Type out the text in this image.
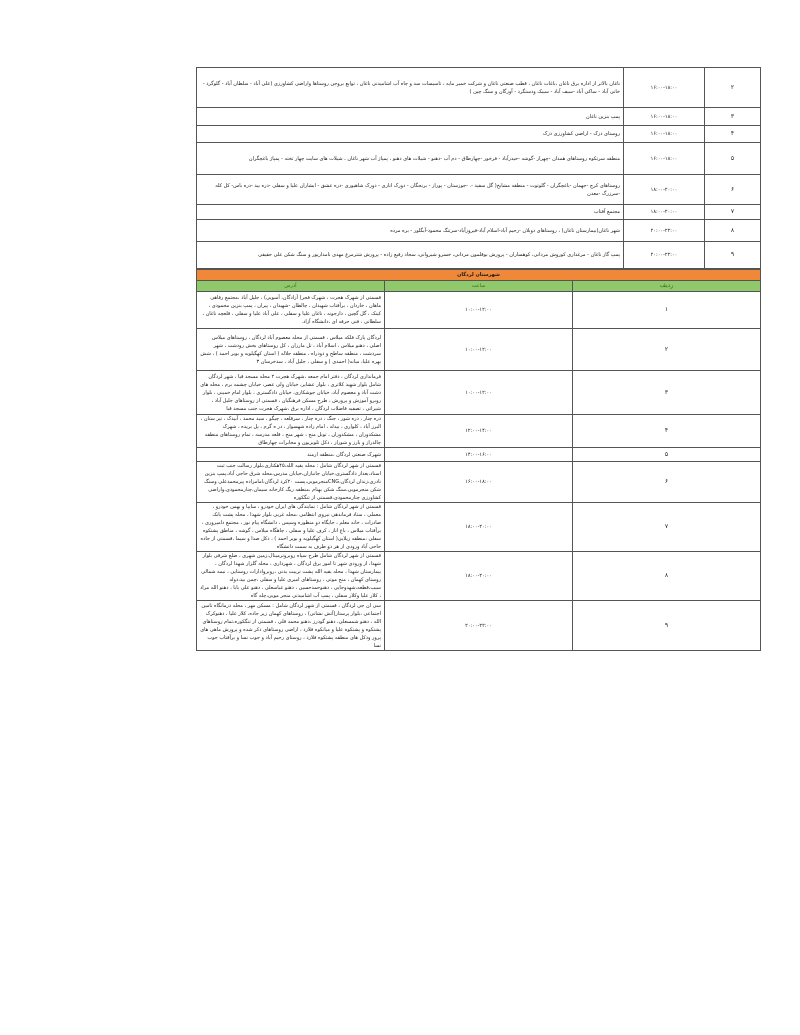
۲	۱۶:۰۰-۱۸:۰۰	ناغان بالاتر از اداره برق ناغان ،باغات ناغان ، قطب صنعتی ناغان و شرکت خمیر مایه ، تاسیسات سد و چاه آب اشامیدنی ناغان ، توابع بروجن روستاها واراضی کشاورزی (علی آباد - سلطان آباد - گلوگرد - خانی آباد - ساکی آباد -سیف آباد - سیبک ودستگرد - آورگان و سنگ چین )
۳	۱۶:۰۰-۱۸:۰۰	پمپ بنزین ناغان
۴	۱۶:۰۰-۱۸:۰۰	روستای دزک - اراضی کشاورزی دزک
۵	۱۶:۰۰-۱۸:۰۰	منطقه سرتکوه روستاهای همدان -چهراز -گوشه -حیدرآباد - فرخور -چهارطاق - دم آب -دهنو - شیلات های دهنو ، پمپاژ آب شهر ناغان ، شیلات های سایت چهار تخته - پمپاژ باغچگران
۶	۱۸:۰۰-۲۰:۰۰	روستاهای کرچ -جهمان -باغچگران - گلوتوت - منطقه مشایخ( گل سفید -. -جوزستان - پوراز - برنجگان - دورک اناری - دورک شاهیوری -دره عشق - ابشاران علیا و سفلی -دره بید -دره باس- کل کله -سرزرگ -معدن
۷	۱۸:۰۰-۲۰:۰۰	مجتمع آفتاب
۸	۲۰:۰۰-۲۲:۰۰	شهر ناغان(بیمارستان ناغان) ، روستاهای دوبلان -رحیم آباد-اسلام آباد-فیروزآباد-سرتنگ محمود-آبگلور - بره مرده
۹	۲۰:۰۰-۲۲:۰۰	پمپ گاز ناغان - مرغداری کوروش مردانی، کوهساران - پرورش بوقلمون مردانی، خسرو شیروانی، سجاد رفیع زاده - پرورش شترمرغ مهدی نامدارپور و سنگ شکن علی حقیقی
شهرستان لردگان		
ردیف	ساعت	آدرس
۱	۱۰:۰۰-۱۲:۰۰	قسمتی از شهرک هجرت ، شهرک فجر( آزادگان، آسویی) ، جلیل آباد ،مجتمع رفاهی ماهان ، خاردان ، برآفتاب شهیدان ، چالطان -شهیدان ، پیران ، پمپ بنزین محمودی ، کینک ، گل گچین ، دارجونه ، ناغان علیا و سفلی ، علی آباد علیا و سفلی ، قلعچه ناغان ، سلطانی ، فنی حرفه ای ،دانشگاه آزاد.
۲	۱۰:۰۰-۱۲:۰۰	لردگان پارک فلکه میلاس ، قسمتی از محله معصوم آباد لردگان ، روستاهای میلاس اصلی ، دهنو میلاس ، اسلام آباد ، تل مارزان ، کل روستاهای بخش رودشت ، شهر سردشت ، منطقه ساطح و دودراه ، منطقه جلاله ( استان کهگیلویه و بویر احمد ) ، شش بهره علیا، میانه( احمدی ) و سفلی ، جلیل آباد ، سدخرسان ۳
۳	۱۰:۰۰-۱۲:۰۰	فرمانداری لردگان ، دفتر امام جمعه ،شهرک هجرت ۲ محله مسجد قبا ، شهر لردگان شامل بلوار شهید کلاتری ، بلوار عشایر، خیابان ولی عصر، خیابان چشمه برم ، محله های دشت آباد و معصوم آباد، خیابان جوشکاری، خیابان دادگستری ، بلوار امام خمینی ، بلوار روبرو آموزش و پرورش ، طرح مسکن فرهنگیان ، قسمتی از روستاهای جلیل آباد ، شیراتی ، تصفیه فاضلاب لردگان ، اداره برق ،شهرک هجرت جنب مسجد قبا
۴	۱۲:۰۰-۱۴:۰۰	دره چنار ، دره شور ، جنگ ، دره چنار ، سرقلعه ، چیگو ، سید محمد ، آبیدک ، تیر ستان ، البرز آباد ، کلواری ، بیدله ، امام زاده شهسوار ، در ه گرم ، پل بریده ، شهرک مشکدوران ، مشکدوران ، تونل منج ، شهر منج ، قلعه مدرسه ، تمام روستاهای منطقه چالدراز و بارز و شوراز ، دکل تلویزیون و مخابرات چهارطاق
۵	۱۴:۰۰-۱۶:۰۰	شهرک صنعتی لردگان ،منطقه ارمند
۶	۱۶:۰۰-۱۸:۰۰	قسمتی از شهر لردگان شامل : محله بقیه الله،۴۵هکتاری،بلوار رسالت جنب ثبت اسناد،بعداز دادگستری،خیابان جانبازان،خیابان مدرس،محله شرق حاجی آباد،پمپ بنزین نادری،زندان لردگان،CNGمنجرمویی،پست ۲۰کرد لردگان،امامزاده پیرمحمدعلی وسنگ شکن منجرمویی،سنگ شکن بهنام ،منطقه ریگ کارخانه سیمان،چنارمحمودی،واراضی کشاورزی چنارمحمودی،قسمتی از تنگکوره
۷	۱۸:۰۰-۲۰:۰۰	قسمتی از شهر لردگان شامل : نمایندگی های ایران خودرو ، سایپا و بهمن خودرو ، معملی ، ستاد فرماندهی نیروی انتظامی ،محله غربی بلوار شهدا ، محله پشت بانک صادرات ، خانه معلم ، جایگاه دو منظوره وسپس ، دانشگاه پیام نور ، مجتمع دامپروری ، برآفتاب میلاس ، باغ اناز ، کرف علیا و سفلی ، چاهگاه میلاس ، گوشه ، مناطق پشتکوه سفلی ،منطقه زیلایی( استان کهگیلویه و بویر احمد ) ، دکل صدا و سیما ،قسمتی از جاده حاجی آباد ورودی از هر دو طرف به سمت دانشگاه
۸	۱۸:۰۰-۲۰:۰۰	قسمتی از شهر لردگان شامل طرح سپاه روبروترمینال،زمین شهری ، ضلع شرقی بلوار شهدا، از ورودی شهر تا امور برق لردگان ، شهرداری ، محله گلزار شهدا لردگان ، بیمارستان شهدا ، محله بقیه الله پشت تربیت بدنی ،روبروادارات روستایی ، نیمه شمالی روستای کهمان ، منج موتی ، روستاهای امیری علیا و سفلی ،چمن بید،دوله سیب،قطعه،شهدوجایی ، دهنوحمدحسین ، دهنو عباسعلی ، دهنو علی بابا ، دهنو الله مراد ، کلار علیا وکلار سفلی ، پمپ آب اشامیدنی منجر مویی،چله گاه
۹	۲۰:۰۰-۲۲:۰۰	سی ان جی لردگان ، قسمتی از شهر لردگان شامل : مسکن مهر ، محله درمانگاه تامین اجتماعی ،بلوار پرستار(آتش نشانی) ، روستاهای کهمان زیر جاده، کلار علیا ، دهنوکرک الله ، دهنو شمسعلی، دهنو گودرز ،دهنو محمد قلی ، قسمتی از تنگکوره،تمام روستاهای پشتکوه و پشتکوه علیا و میانکوه فلارد ، اراضی روستاهای ذکر شده و پرورش ماهی های پرور ودکل های منطقه پشتکوه فلارد ، روستای رحیم آباد و جوب نسا و برآفتاب جوب نسا
